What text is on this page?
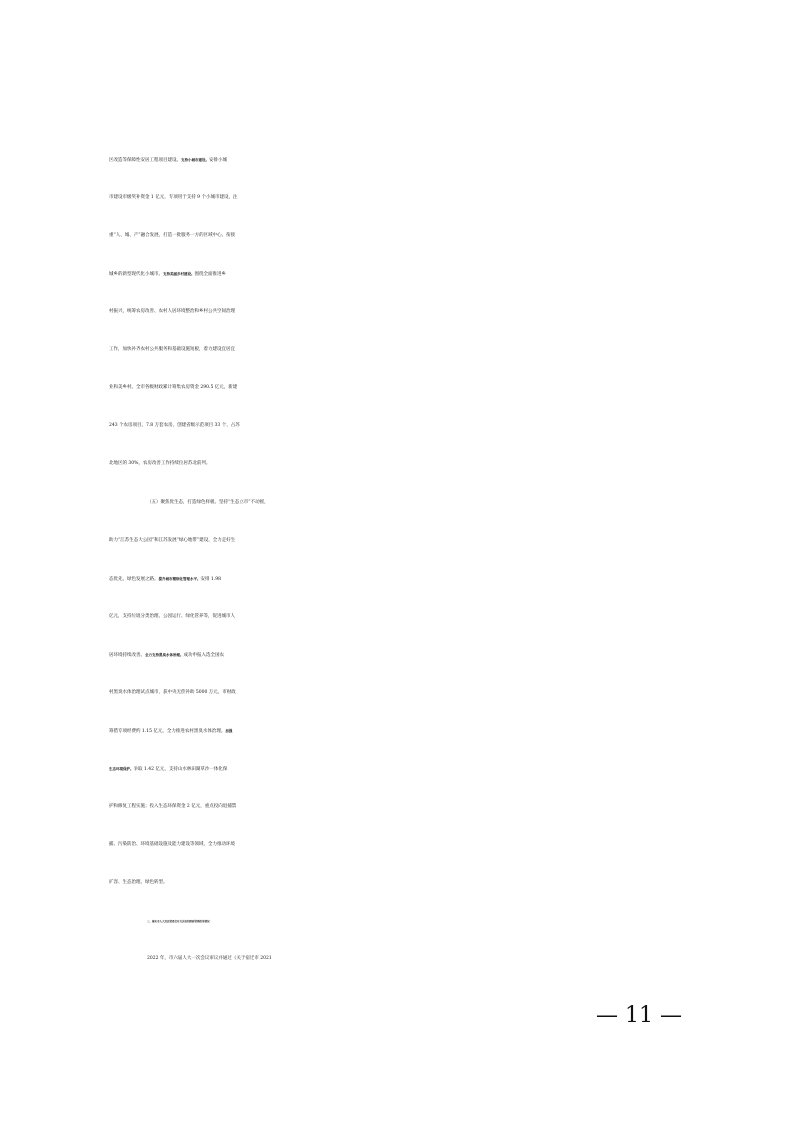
区改造等保障性安居工程项目建设。支持小城市建设。安排小城
市建设市级奖补资金 1 亿元，专项用于支持 9 个小城市建设，注
重“人、城、产”融合发展，打造一批服务一方的区域中心、衔接
城乡的新型现代化小城市。支持美丽乡村建设。围绕全面推进乡
村振兴，统筹农房改善、农村人居环境整治和乡村公共空间治理
工作，加快补齐农村公共服务和基础设施短板，着力建设宜居宜
业和美乡村。全市各级财政累计筹集农房资金 290.5 亿元，新建
243 个农房项目、7.8 万套农房，创建省级示范项目 33 个、占苏
北地区的 30%，农房改善工作持续位居苏北前列。
（五）聚焦优生态，打造绿色样板。坚持“生态立市”不动摇，
助力“江苏生态大公园”和江苏发展“绿心地带”建设，全力走好生
态优先、绿色发展之路。提升城市精细化管理水平。安排 1.98
亿元，支持垃圾分类治理、公园运行、绿化管养等，促进城市人
居环境持续改善。全力支持黑臭水体治理。成功申报入选全国农
村黑臭水体治理试点城市，获中央无偿补助 5000 万元，市财政
筹措专项经费约 1.15 亿元，全力推进农村黑臭水体治理。加强
生态环境保护。争取 1.42 亿元，支持山水林田湖草沙一体化保
护和修复工程实施；投入生态环保资金 2 亿元，重点投向退捕禁
捕、污染防治、环境基础设施及能力建设等领域，全力推动环境
扩容、生态治理、绿色转型。
三、落实市人大及其常委会有关决议和财政管理改革情况
2022 年，市六届人大一次会议审议并通过《关于宿迁市 2021
— 11 —
